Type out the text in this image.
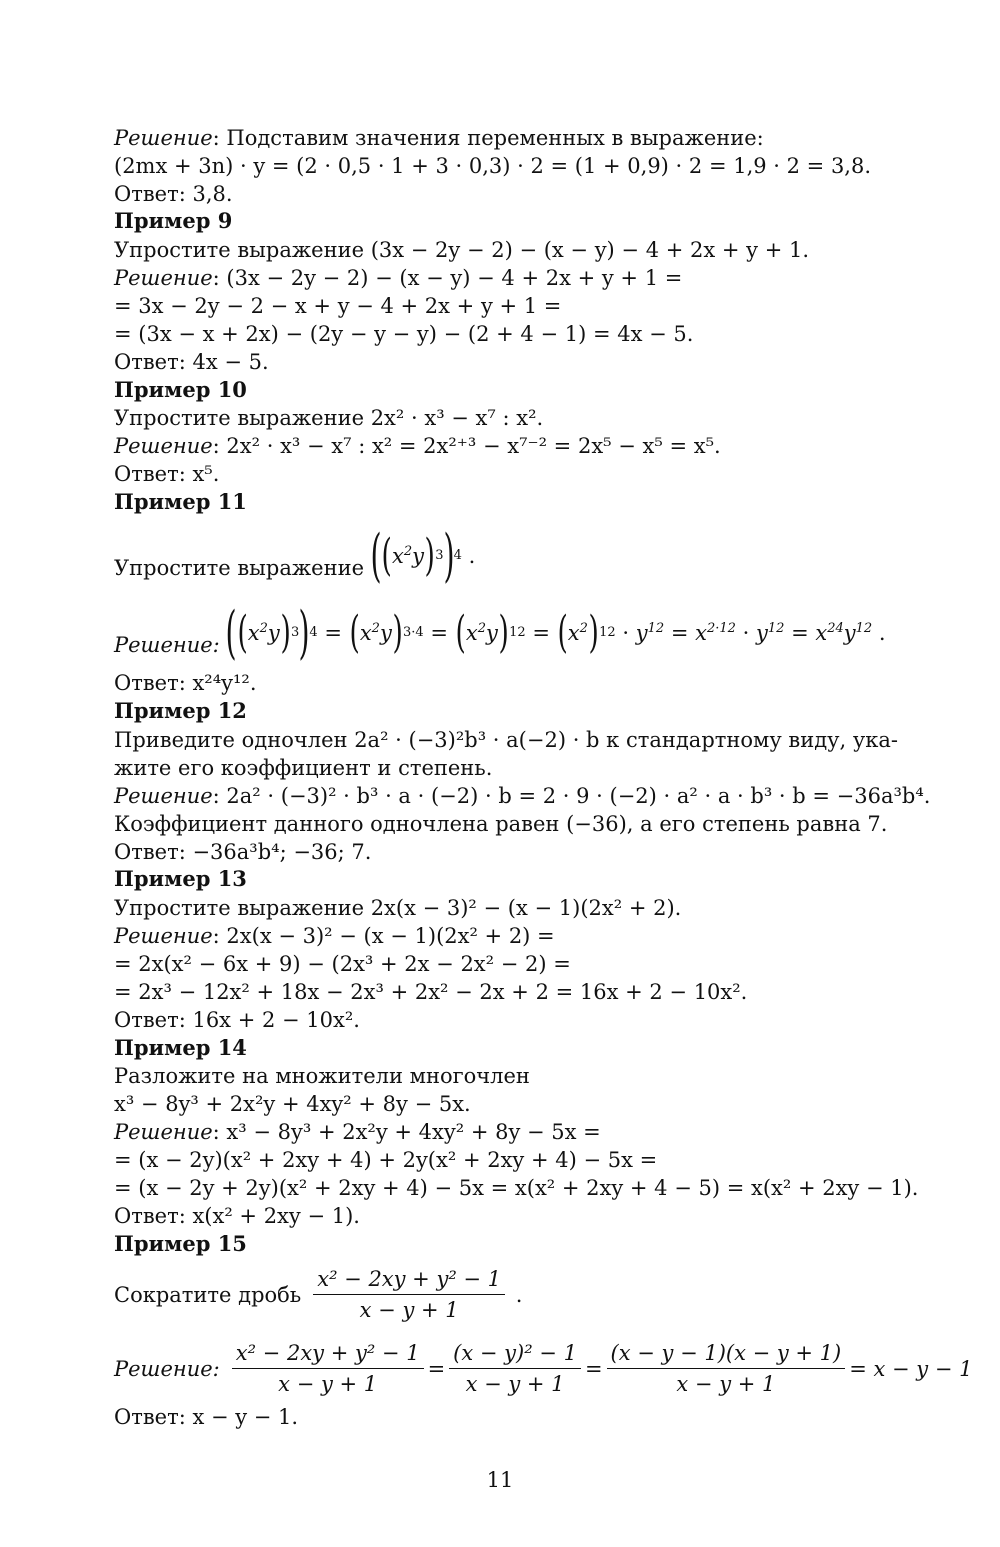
Решение: Подставим значения переменных в выражение:
(2mx + 3n) · y = (2 · 0,5 · 1 + 3 · 0,3) · 2 = (1 + 0,9) · 2 = 1,9 · 2 = 3,8.
Ответ: 3,8.
Пример 9
Упростите выражение (3x − 2y − 2) − (x − y) − 4 + 2x + y + 1.
Решение: (3x − 2y − 2) − (x − y) − 4 + 2x + y + 1 =
= 3x − 2y − 2 − x + y − 4 + 2x + y + 1 =
= (3x − x + 2x) − (2y − y − y) − (2 + 4 − 1) = 4x − 5.
Ответ: 4x − 5.
Пример 10
Упростите выражение 2x² · x³ − x⁷ : x².
Решение: 2x² · x³ − x⁷ : x² = 2x²⁺³ − x⁷⁻² = 2x⁵ − x⁵ = x⁵.
Ответ: x⁵.
Пример 11
Упростите выражение ( ( $x^2y$ ) 3 ) 4 .
Решение: ( ( $x^2y$ ) 3 ) 4 = ( $x^2y$ ) 3·4 = ( $x^2y$ ) 12 = ( $x^2$ ) $12 \cdot y^{12} = x^{2\cdot 12} \cdot y^{12} = x^{24}y^{12}$ .
Ответ: x²⁴y¹².
Пример 12
Приведите одночлен 2a² · (−3)²b³ · a(−2) · b к стандартному виду, ука-
жите его коэффициент и степень.
Решение: 2a² · (−3)² · b³ · a · (−2) · b = 2 · 9 · (−2) · a² · a · b³ · b = −36a³b⁴.
Коэффициент данного одночлена равен (−36), а его степень равна 7.
Ответ: −36a³b⁴; −36; 7.
Пример 13
Упростите выражение 2x(x − 3)² − (x − 1)(2x² + 2).
Решение: 2x(x − 3)² − (x − 1)(2x² + 2) =
= 2x(x² − 6x + 9) − (2x³ + 2x − 2x² − 2) =
= 2x³ − 12x² + 18x − 2x³ + 2x² − 2x + 2 = 16x + 2 − 10x².
Ответ: 16x + 2 − 10x².
Пример 14
Разложите на множители многочлен
x³ − 8y³ + 2x²y + 4xy² + 8y − 5x.
Решение: x³ − 8y³ + 2x²y + 4xy² + 8y − 5x =
= (x − 2y)(x² + 2xy + 4) + 2y(x² + 2xy + 4) − 5x =
= (x − 2y + 2y)(x² + 2xy + 4) − 5x = x(x² + 2xy + 4 − 5) = x(x² + 2xy − 1).
Ответ: x(x² + 2xy − 1).
Пример 15
Сократите дробь $\frac{\text{x² − 2xy + y² − 1}}{x - y + 1}$ .
Решение: $\frac{\text{x² − 2xy + y² − 1}}{x - y + 1} = \frac{\text{(x − y)² − 1}}{x - y + 1} = \frac{(x - y - 1)(x - y + 1)}{x - y + 1} = x - y - 1$
Ответ: x − y − 1.
11
